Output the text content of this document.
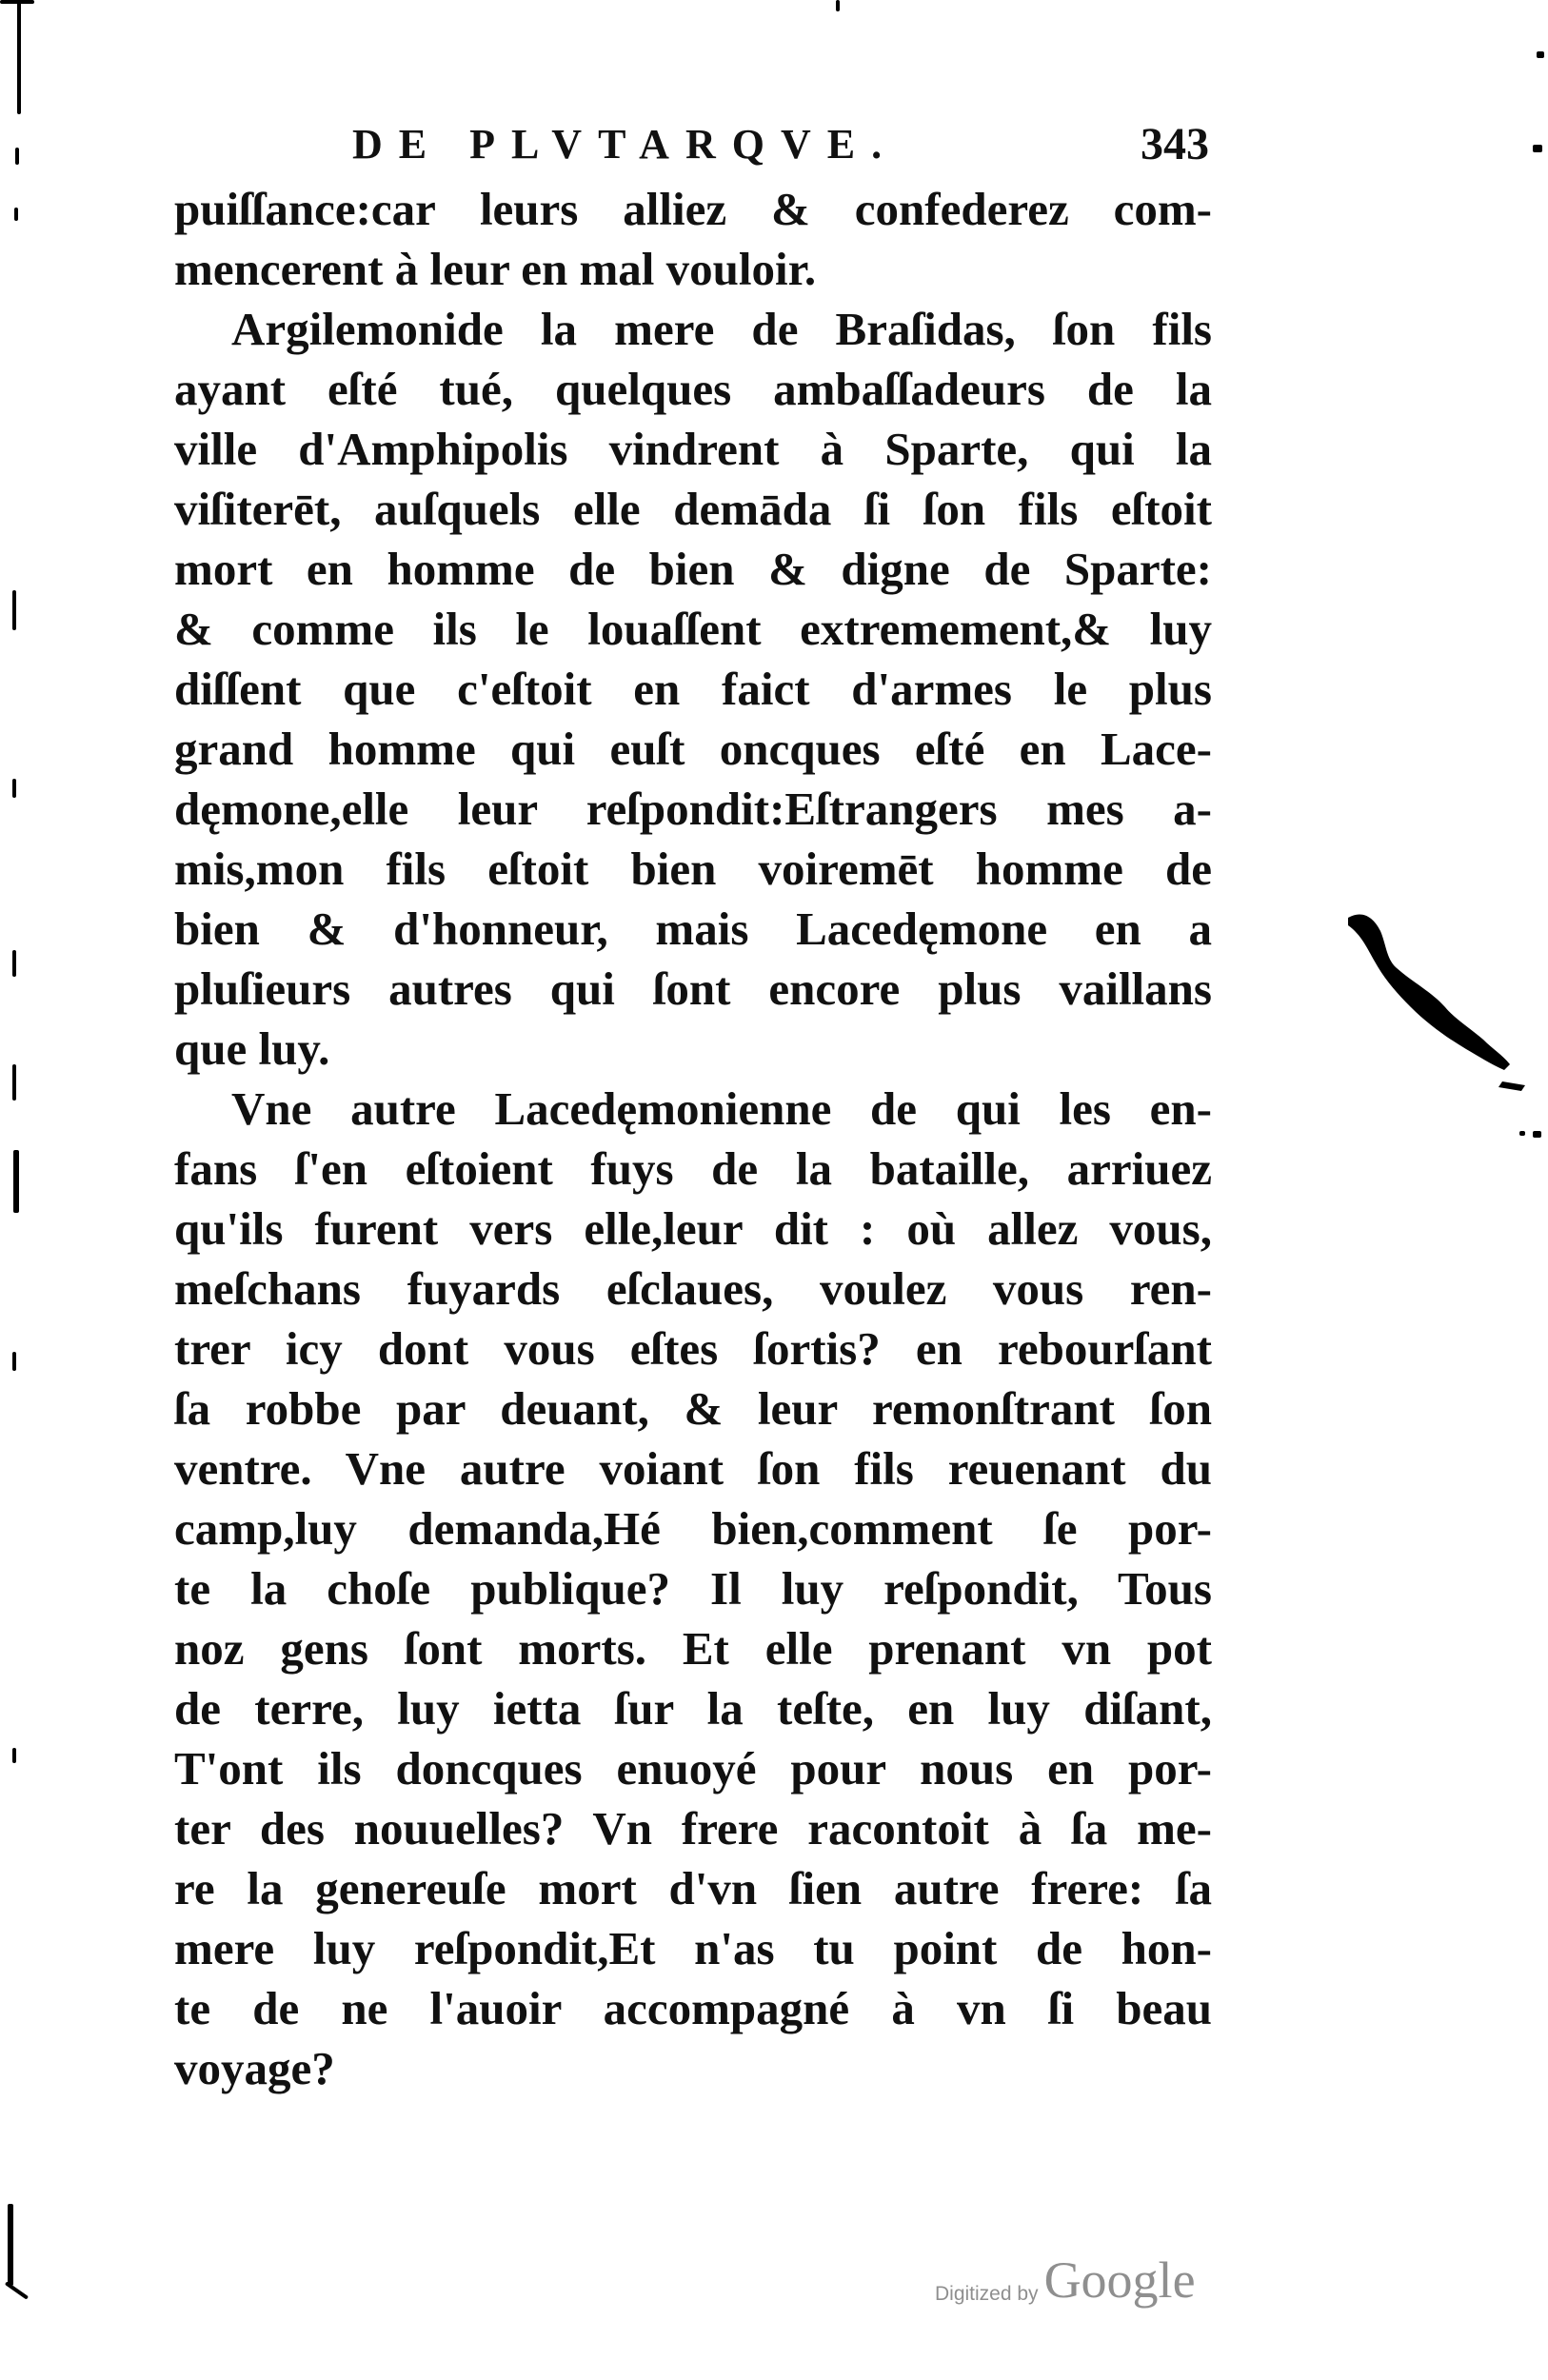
DE PLVTARQVE.	343
puiſſance:car leurs alliez & confederez com-
mencerent à leur en mal vouloir.
Argilemonide la mere de Braſidas, ſon fils
ayant eſté tué, quelques ambaſſadeurs de la
ville d'Amphipolis vindrent à Sparte, qui la
viſiterēt, auſquels elle demāda ſi ſon fils eſtoit
mort en homme de bien & digne de Sparte:
& comme ils le louaſſent extremement,& luy
diſſent que c'eſtoit en faict d'armes le plus
grand homme qui euſt oncques eſté en Lace-
dęmone,elle leur reſpondit:Eſtrangers mes a-
mis,mon fils eſtoit bien voiremēt homme de
bien & d'honneur, mais Lacedęmone en a
pluſieurs autres qui ſont encore plus vaillans
que luy.
Vne autre Lacedęmonienne de qui les en-
fans ſ'en eſtoient fuys de la bataille, arriuez
qu'ils furent vers elle,leur dit : où allez vous,
meſchans fuyards eſclaues, voulez vous ren-
trer icy dont vous eſtes ſortis? en rebourſant
ſa robbe par deuant, & leur remonſtrant ſon
ventre. Vne autre voiant ſon fils reuenant du
camp,luy demanda,Hé bien,comment ſe por-
te la choſe publique? Il luy reſpondit, Tous
noz gens ſont morts. Et elle prenant vn pot
de terre, luy ietta ſur la teſte, en luy diſant,
T'ont ils doncques enuoyé pour nous en por-
ter des nouuelles? Vn frere racontoit à ſa me-
re la genereuſe mort d'vn ſien autre frere: ſa
mere luy reſpondit,Et n'as tu point de hon-
te de ne l'auoir accompagné à vn ſi beau
voyage?
Digitized by Google
